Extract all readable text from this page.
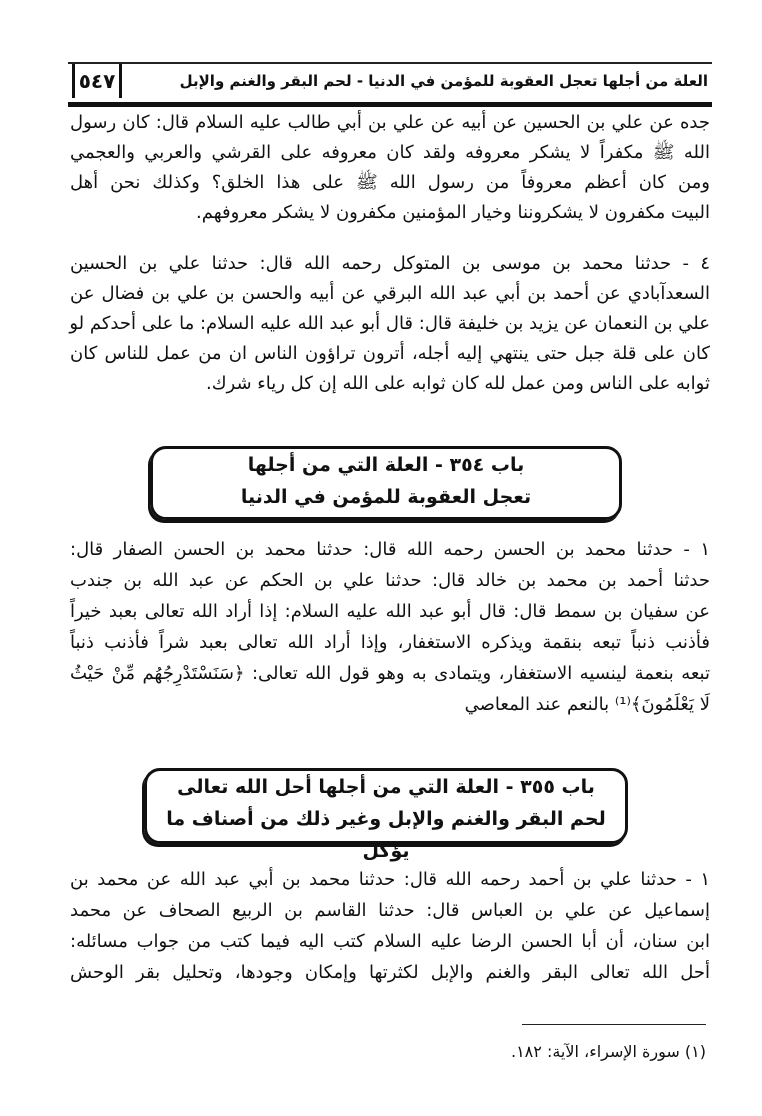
٥٤٧	العلة من أجلها تعجل العقوبة للمؤمن في الدنيا - لحم البقر والغنم والإبل
جده عن علي بن الحسين عن أبيه عن علي بن أبي طالب عليه السلام قال: كان رسول
الله ﷺ مكفراً لا يشكر معروفه ولقد كان معروفه على القرشي والعربي والعجمي
ومن كان أعظم معروفاً من رسول الله ﷺ على هذا الخلق؟ وكذلك نحن أهل
البيت مكفرون لا يشكروننا وخيار المؤمنين مكفرون لا يشكر معروفهم.
٤ - حدثنا محمد بن موسى بن المتوكل رحمه الله قال: حدثنا علي بن الحسين
السعدآبادي عن أحمد بن أبي عبد الله البرقي عن أبيه والحسن بن علي بن فضال عن
علي بن النعمان عن يزيد بن خليفة قال: قال أبو عبد الله عليه السلام: ما على أحدكم لو
كان على قلة جبل حتى ينتهي إليه أجله، أترون تراؤون الناس ان من عمل للناس كان
ثوابه على الناس ومن عمل لله كان ثوابه على الله إن كل رياء شرك.
باب ٣٥٤ - العلة التي من أجلها
تعجل العقوبة للمؤمن في الدنيا
١ - حدثنا محمد بن الحسن رحمه الله قال: حدثنا محمد بن الحسن الصفار قال:
حدثنا أحمد بن محمد بن خالد قال: حدثنا علي بن الحكم عن عبد الله بن جندب
عن سفيان بن سمط قال: قال أبو عبد الله عليه السلام: إذا أراد الله تعالى بعبد خيراً
فأذنب ذنباً تبعه بنقمة ويذكره الاستغفار، وإذا أراد الله تعالى بعبد شراً فأذنب ذنباً
تبعه بنعمة لينسيه الاستغفار، ويتمادى به وهو قول الله تعالى: ﴿سَنَسْتَدْرِجُهُم مِّنْ حَيْثُ
لَا يَعْلَمُونَ﴾⁽¹⁾ بالنعم عند المعاصي
باب ٣٥٥ - العلة التي من أجلها أحل الله تعالى
لحم البقر والغنم والإبل وغير ذلك من أصناف ما يؤكل
١ - حدثنا علي بن أحمد رحمه الله قال: حدثنا محمد بن أبي عبد الله عن محمد بن
إسماعيل عن علي بن العباس قال: حدثنا القاسم بن الربيع الصحاف عن محمد
ابن سنان، أن أبا الحسن الرضا عليه السلام كتب اليه فيما كتب من جواب مسائله:
أحل الله تعالى البقر والغنم والإبل لكثرتها وإمكان وجودها، وتحليل بقر الوحش
(١) سورة الإسراء، الآية: ١٨٢.
